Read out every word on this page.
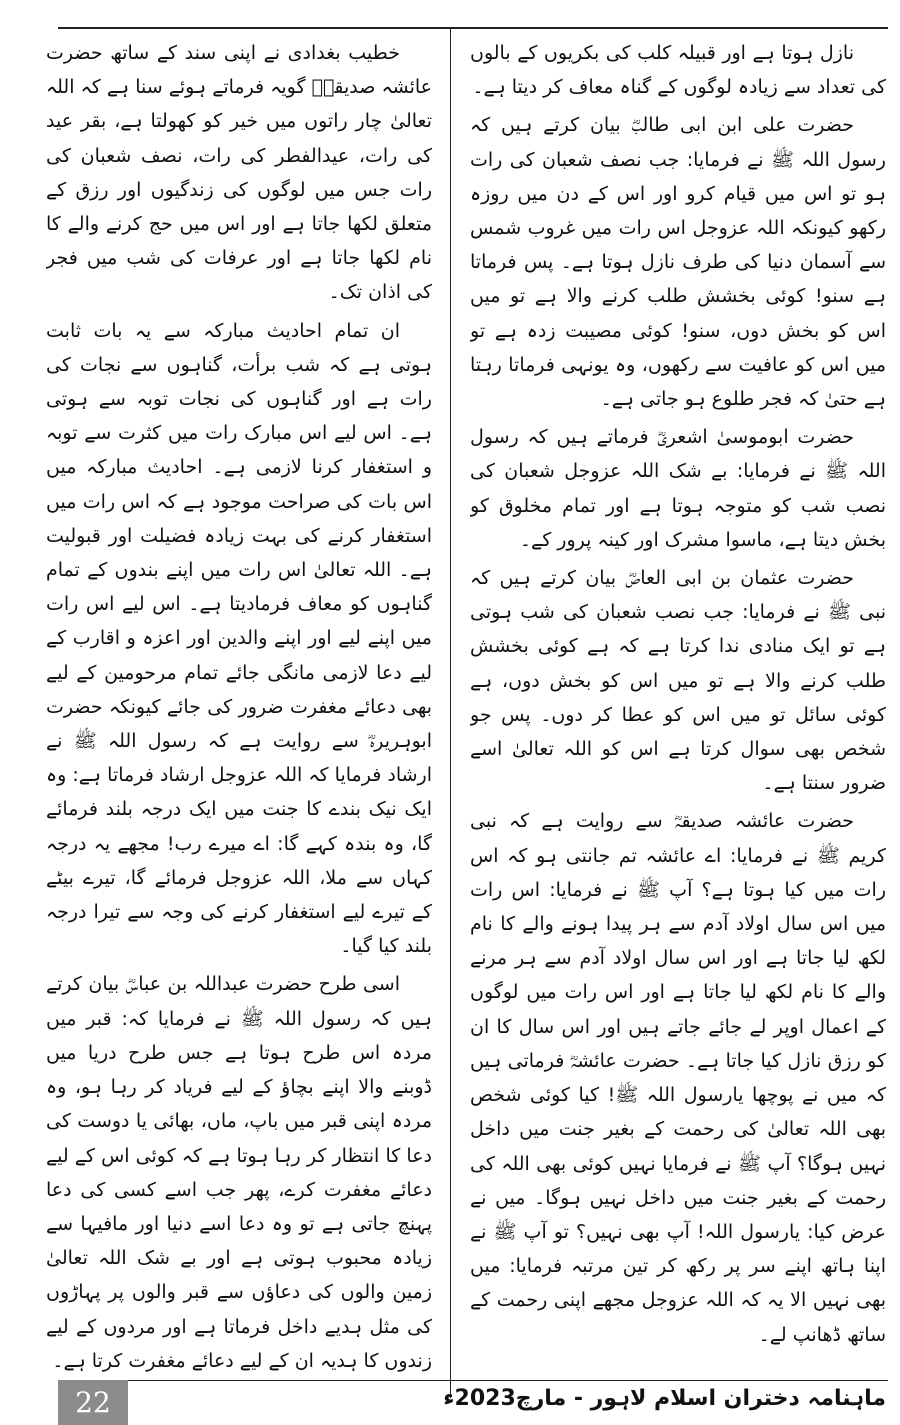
نازل ہوتا ہے اور قبیلہ کلب کی بکریوں کے بالوں کی تعداد سے زیادہ لوگوں کے گناہ معاف کر دیتا ہے۔

حضرت علی ابن ابی طالبؓ بیان کرتے ہیں کہ رسول اللہ ﷺ نے فرمایا: جب نصف شعبان کی رات ہو تو اس میں قیام کرو اور اس کے دن میں روزہ رکھو کیونکہ اللہ عزوجل اس رات میں غروب شمس سے آسمان دنیا کی طرف نازل ہوتا ہے۔ پس فرماتا ہے سنو! کوئی بخشش طلب کرنے والا ہے تو میں اس کو بخش دوں، سنو! کوئی مصیبت زدہ ہے تو میں اس کو عافیت سے رکھوں، وہ یونہی فرماتا رہتا ہے حتیٰ کہ فجر طلوع ہو جاتی ہے۔

حضرت ابوموسیٰ اشعریؓ فرماتے ہیں کہ رسول اللہ ﷺ نے فرمایا: بے شک اللہ عزوجل شعبان کی نصب شب کو متوجہ ہوتا ہے اور تمام مخلوق کو بخش دیتا ہے، ماسوا مشرک اور کینہ پرور کے۔

حضرت عثمان بن ابی العاصؓ بیان کرتے ہیں کہ نبی ﷺ نے فرمایا: جب نصب شعبان کی شب ہوتی ہے تو ایک منادی ندا کرتا ہے کہ ہے کوئی بخشش طلب کرنے والا ہے تو میں اس کو بخش دوں، ہے کوئی سائل تو میں اس کو عطا کر دوں۔ پس جو شخص بھی سوال کرتا ہے اس کو اللہ تعالیٰ اسے ضرور سنتا ہے۔

حضرت عائشہ صدیقہؓ سے روایت ہے کہ نبی کریم ﷺ نے فرمایا: اے عائشہ تم جانتی ہو کہ اس رات میں کیا ہوتا ہے؟ آپ ﷺ نے فرمایا: اس رات میں اس سال اولاد آدم سے ہر پیدا ہونے والے کا نام لکھ لیا جاتا ہے اور اس سال اولاد آدم سے ہر مرنے والے کا نام لکھ لیا جاتا ہے اور اس رات میں لوگوں کے اعمال اوپر لے جائے جاتے ہیں اور اس سال کا ان کو رزق نازل کیا جاتا ہے۔ حضرت عائشہؓ فرماتی ہیں کہ میں نے پوچھا یارسول اللہ ﷺ! کیا کوئی شخص بھی اللہ تعالیٰ کی رحمت کے بغیر جنت میں داخل نہیں ہوگا؟ آپ ﷺ نے فرمایا نہیں کوئی بھی اللہ کی رحمت کے بغیر جنت میں داخل نہیں ہوگا۔ میں نے عرض کیا: یارسول اللہ! آپ بھی نہیں؟ تو آپ ﷺ نے اپنا ہاتھ اپنے سر پر رکھ کر تین مرتبہ فرمایا: میں بھی نہیں الا یہ کہ اللہ عزوجل مجھے اپنی رحمت کے ساتھ ڈھانپ لے۔

خطیب بغدادی نے اپنی سند کے ساتھ حضرت عائشہ صدیقہؓ گویہ فرماتے ہوئے سنا ہے کہ اللہ تعالیٰ چار راتوں میں خیر کو کھولتا ہے، بقر عید کی رات، عیدالفطر کی رات، نصف شعبان کی رات جس میں لوگوں کی زندگیوں اور رزق کے متعلق لکھا جاتا ہے اور اس میں حج کرنے والے کا نام لکھا جاتا ہے اور عرفات کی شب میں فجر کی اذان تک۔

ان تمام احادیث مبارکہ سے یہ بات ثابت ہوتی ہے کہ شب برأت، گناہوں سے نجات کی رات ہے اور گناہوں کی نجات توبہ سے ہوتی ہے۔ اس لیے اس مبارک رات میں کثرت سے توبہ و استغفار کرنا لازمی ہے۔ احادیث مبارکہ میں اس بات کی صراحت موجود ہے کہ اس رات میں استغفار کرنے کی بہت زیادہ فضیلت اور قبولیت ہے۔ اللہ تعالیٰ اس رات میں اپنے بندوں کے تمام گناہوں کو معاف فرمادیتا ہے۔ اس لیے اس رات میں اپنے لیے اور اپنے والدین اور اعزہ و اقارب کے لیے دعا لازمی مانگی جائے تمام مرحومین کے لیے بھی دعائے مغفرت ضرور کی جائے کیونکہ حضرت ابوہریرہؓ سے روایت ہے کہ رسول اللہ ﷺ نے ارشاد فرمایا کہ اللہ عزوجل ارشاد فرماتا ہے: وہ ایک نیک بندے کا جنت میں ایک درجہ بلند فرمائے گا، وہ بندہ کہے گا: اے میرے رب! مجھے یہ درجہ کہاں سے ملا، اللہ عزوجل فرمائے گا، تیرے بیٹے کے تیرے لیے استغفار کرنے کی وجہ سے تیرا درجہ بلند کیا گیا۔

اسی طرح حضرت عبداللہ بن عباسؓ بیان کرتے ہیں کہ رسول اللہ ﷺ نے فرمایا کہ: قبر میں مردہ اس طرح ہوتا ہے جس طرح دریا میں ڈوبنے والا اپنے بچاؤ کے لیے فریاد کر رہا ہو، وہ مردہ اپنی قبر میں باپ، ماں، بھائی یا دوست کی دعا کا انتظار کر رہا ہوتا ہے کہ کوئی اس کے لیے دعائے مغفرت کرے، پھر جب اسے کسی کی دعا پہنچ جاتی ہے تو وہ دعا اسے دنیا اور مافیہا سے زیادہ محبوب ہوتی ہے اور بے شک اللہ تعالیٰ زمین والوں کی دعاؤں سے قبر والوں پر پہاڑوں کی مثل ہدیے داخل فرماتا ہے اور مردوں کے لیے زندوں کا ہدیہ ان کے لیے دعائے مغفرت کرتا ہے۔

22	ماہنامہ دختران اسلام لاہور - مارچ2023ء
